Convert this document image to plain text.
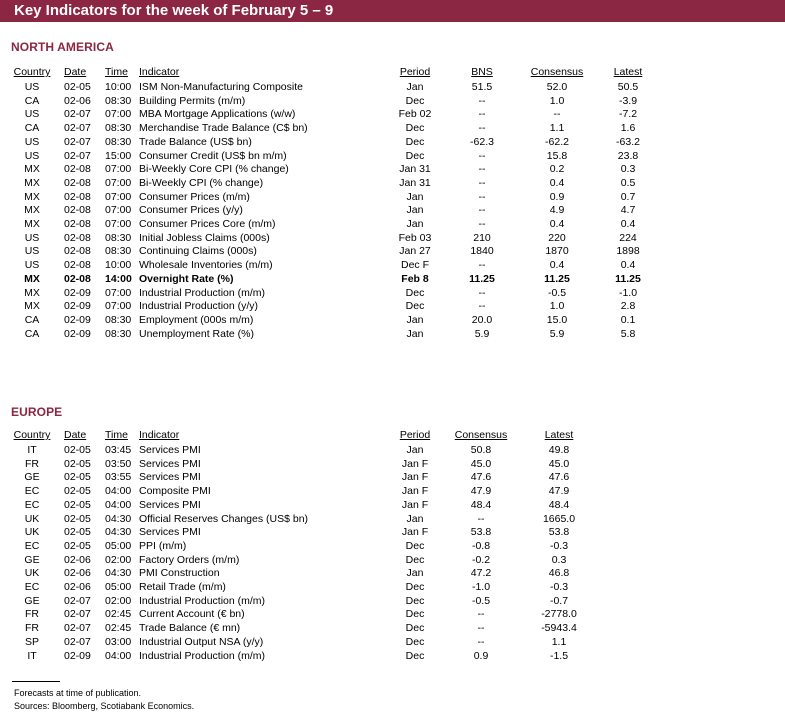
Key Indicators for the week of February 5 – 9
NORTH AMERICA
Country Date	Time	Indicator	Period	BNS	Consensus	Latest
US	02-05 10:00 ISM Non-Manufacturing Composite	Jan	51.5	52.0	50.5
CA	02-06 08:30 Building Permits (m/m)	Dec	--	1.0	-3.9
US	02-07 07:00 MBA Mortgage Applications (w/w)	Feb 02	--	--	-7.2
CA	02-07 08:30 Merchandise Trade Balance (C$ bn)	Dec	--	1.1	1.6
US	02-07 08:30 Trade Balance (US$ bn)	Dec	-62.3	-62.2	-63.2
US	02-07 15:00 Consumer Credit (US$ bn m/m)	Dec	--	15.8	23.8
MX	02-08 07:00 Bi-Weekly Core CPI (% change)	Jan 31	--	0.2	0.3
MX	02-08 07:00 Bi-Weekly CPI (% change)	Jan 31	--	0.4	0.5
MX	02-08 07:00 Consumer Prices (m/m)	Jan	--	0.9	0.7
MX	02-08 07:00 Consumer Prices (y/y)	Jan	--	4.9	4.7
MX	02-08 07:00 Consumer Prices Core (m/m)	Jan	--	0.4	0.4
US	02-08 08:30 Initial Jobless Claims (000s)	Feb 03	210	220	224
US	02-08 08:30 Continuing Claims (000s)	Jan 27	1840	1870	1898
US	02-08 10:00 Wholesale Inventories (m/m)	Dec F	--	0.4	0.4
MX	02-08 14:00 Overnight Rate (%)	Feb 8	11.25	11.25	11.25
MX	02-09 07:00 Industrial Production (m/m)	Dec	--	-0.5	-1.0
MX	02-09 07:00 Industrial Production (y/y)	Dec	--	1.0	2.8
CA	02-09 08:30 Employment (000s m/m)	Jan	20.0	15.0	0.1
CA	02-09 08:30 Unemployment Rate (%)	Jan	5.9	5.9	5.8
EUROPE
Country Date	Time	Indicator	Period	Consensus	Latest
IT	02-05 03:45 Services PMI	Jan	50.8	49.8
FR	02-05 03:50 Services PMI	Jan F	45.0	45.0
GE	02-05 03:55 Services PMI	Jan F	47.6	47.6
EC	02-05 04:00 Composite PMI	Jan F	47.9	47.9
EC	02-05 04:00 Services PMI	Jan F	48.4	48.4
UK	02-05 04:30 Official Reserves Changes (US$ bn)	Jan	--	1665.0
UK	02-05 04:30 Services PMI	Jan F	53.8	53.8
EC	02-05 05:00 PPI (m/m)	Dec	-0.8	-0.3
GE	02-06 02:00 Factory Orders (m/m)	Dec	-0.2	0.3
UK	02-06 04:30 PMI Construction	Jan	47.2	46.8
EC	02-06 05:00 Retail Trade (m/m)	Dec	-1.0	-0.3
GE	02-07 02:00 Industrial Production (m/m)	Dec	-0.5	-0.7
FR	02-07 02:45 Current Account (€ bn)	Dec	--	-2778.0
FR	02-07 02:45 Trade Balance (€ mn)	Dec	--	-5943.4
SP	02-07 03:00 Industrial Output NSA (y/y)	Dec	--	1.1
IT	02-09 04:00 Industrial Production (m/m)	Dec	0.9	-1.5
Forecasts at time of publication.
Sources: Bloomberg, Scotiabank Economics.
